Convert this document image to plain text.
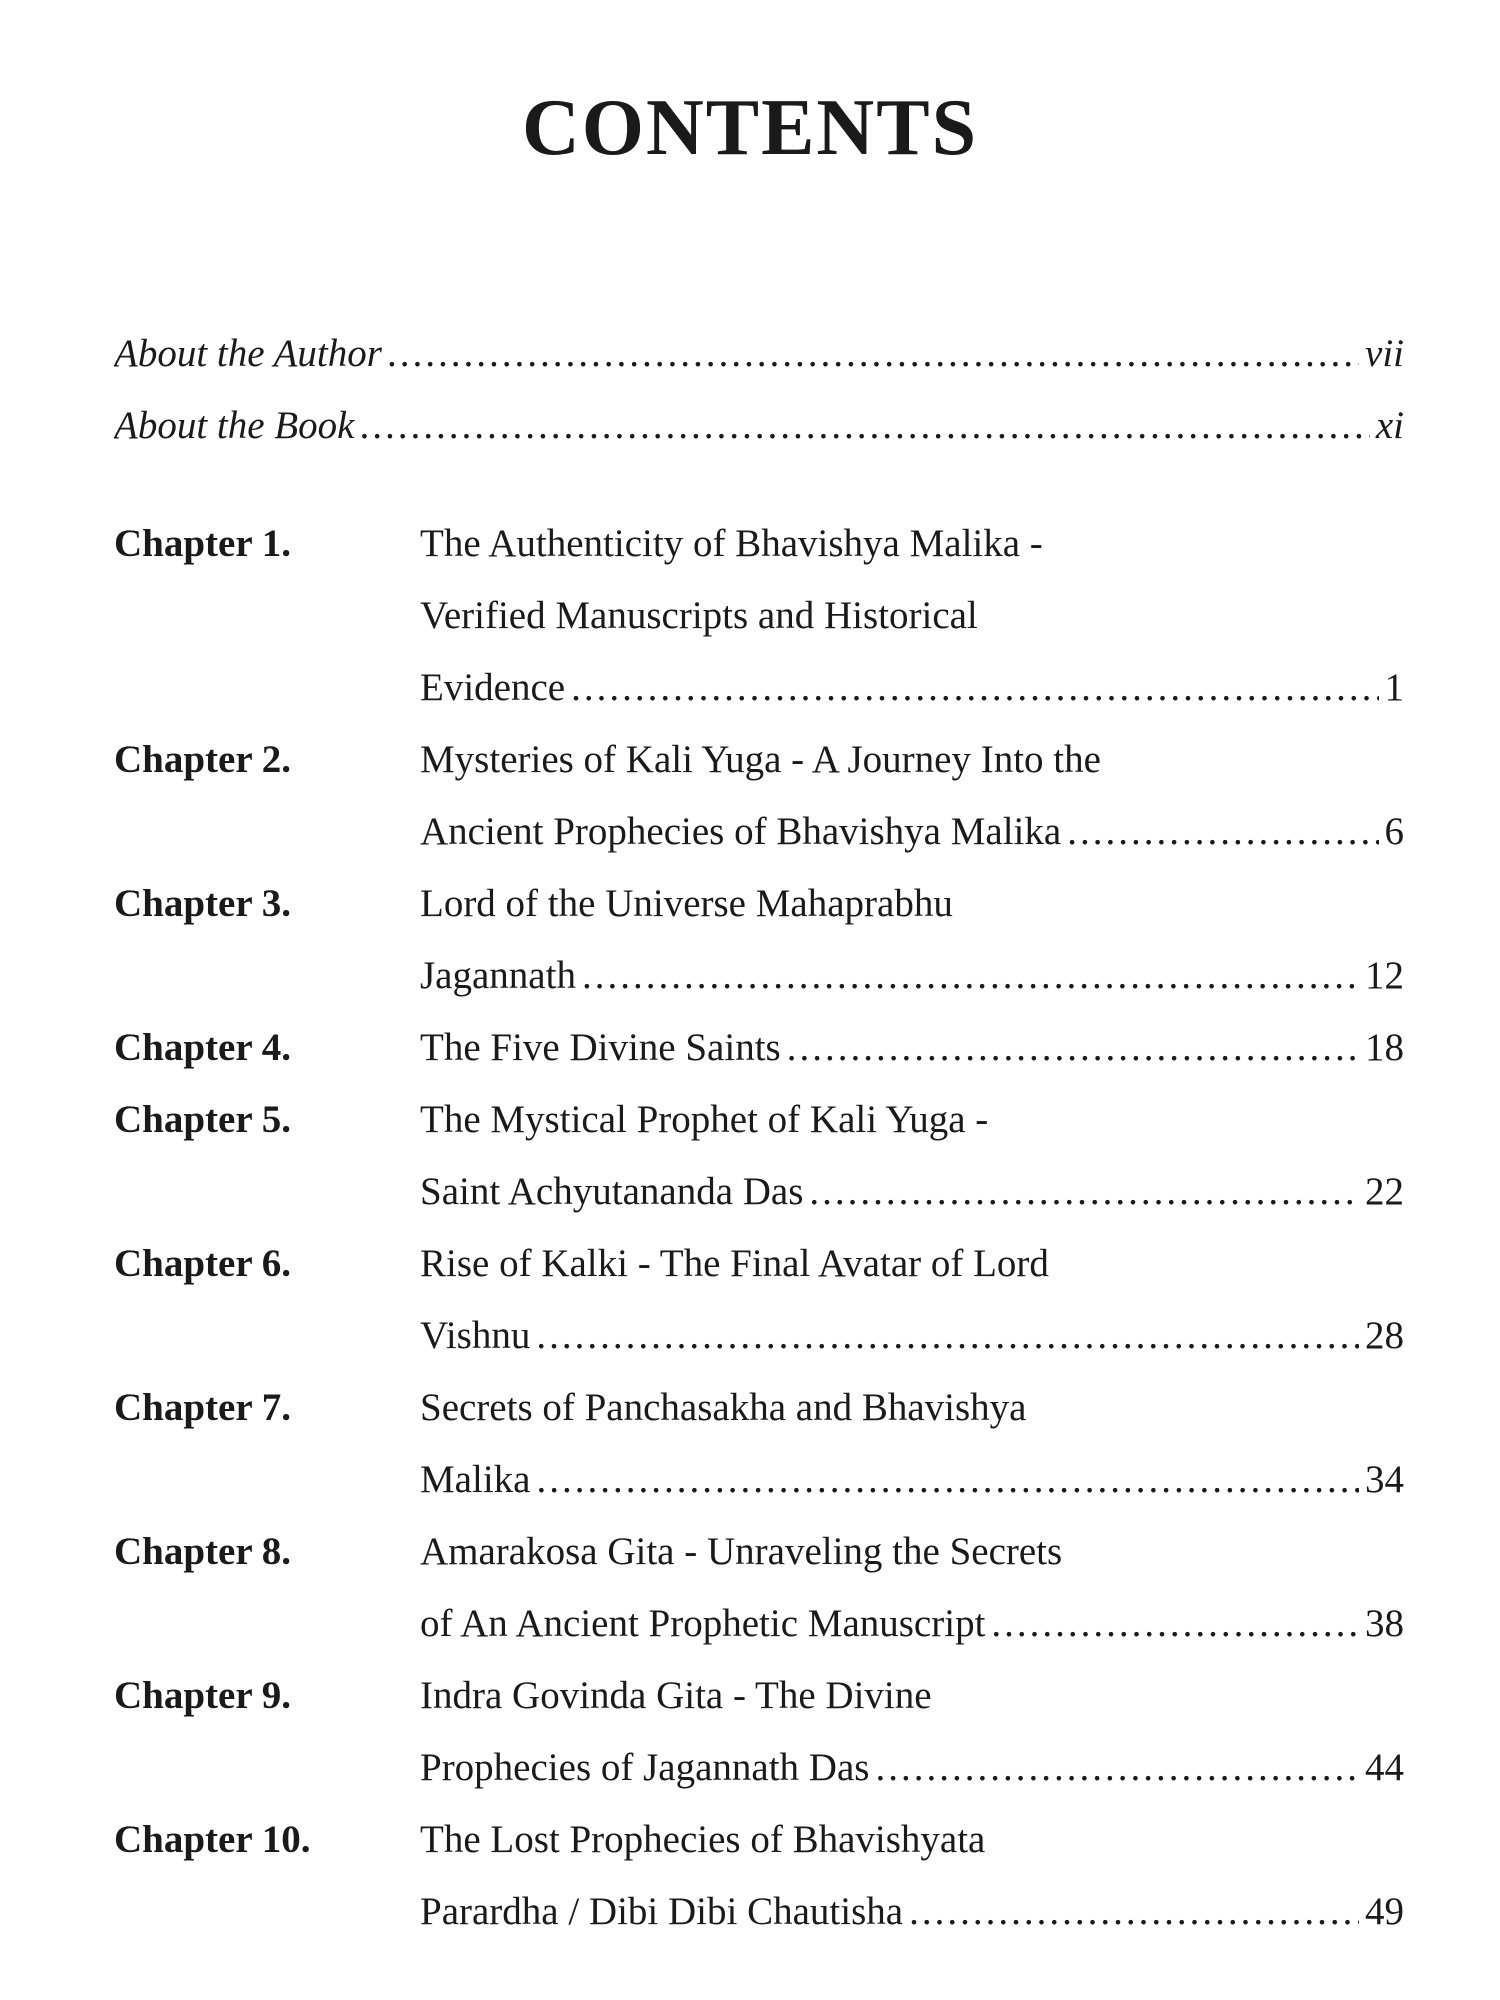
CONTENTS
About the Author .....	vii
About the Book .....	xi
Chapter 1.	The Authenticity of Bhavishya Malika -
Verified Manuscripts and Historical
Evidence .....	1
Chapter 2.	Mysteries of Kali Yuga - A Journey Into the
Ancient Prophecies of Bhavishya Malika .....	6
Chapter 3.	Lord of the Universe Mahaprabhu
Jagannath .....	12
Chapter 4.	The Five Divine Saints .....	18
Chapter 5.	The Mystical Prophet of Kali Yuga -
Saint Achyutananda Das .....	22
Chapter 6.	Rise of Kalki - The Final Avatar of Lord
Vishnu .....	28
Chapter 7.	Secrets of Panchasakha and Bhavishya
Malika .....	34
Chapter 8.	Amarakosa Gita - Unraveling the Secrets
of An Ancient Prophetic Manuscript .....	38
Chapter 9.	Indra Govinda Gita - The Divine
Prophecies of Jagannath Das .....	44
Chapter 10.	The Lost Prophecies of Bhavishyata
Parardha / Dibi Dibi Chautisha .....	49
